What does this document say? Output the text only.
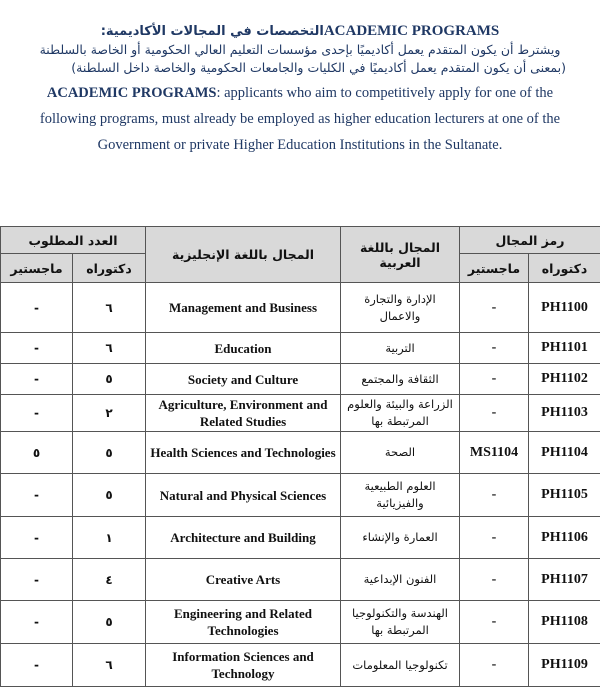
التخصصات في المجالات الأكاديمية:ACADEMIC PROGRAMS
ويشترط أن يكون المتقدم يعمل أكاديميًا بإحدى مؤسسات التعليم العالي الحكومية أو الخاصة بالسلطنة
(بمعنى أن يكون المتقدم يعمل أكاديميًا في الكليات والجامعات الحكومية والخاصة داخل السلطنة)
ACADEMIC PROGRAMS: applicants who aim to competitively apply for one of the
following programs, must already be employed as higher education lecturers at one of the
Government or private Higher Education Institutions in the Sultanate.
رمز المجال		المجال باللغة العربية	المجال باللغة الإنجليزية	العدد المطلوب	
دكتوراه	ماجستير			دكتوراه	ماجستير
PH1100	-	الإدارة والتجارة والاعمال	Management and Business	٦	-
PH1101	-	التربية	Education	٦	-
PH1102	-	الثقافة والمجتمع	Society and Culture	٥	-
PH1103	-	الزراعة والبيئة والعلوم المرتبطة بها	Agriculture, Environment and Related Studies	٢	-
PH1104	MS1104	الصحة	Health Sciences and Technologies	٥	٥
PH1105	-	العلوم الطبيعية والفيزيائية	Natural and Physical Sciences	٥	-
PH1106	-	العمارة والإنشاء	Architecture and Building	١	-
PH1107	-	الفنون الإبداعية	Creative Arts	٤	-
PH1108	-	الهندسة والتكنولوجيا المرتبطة بها	Engineering and Related Technologies	٥	-
PH1109	-	تكنولوجيا المعلومات	Information Sciences and Technology	٦	-
